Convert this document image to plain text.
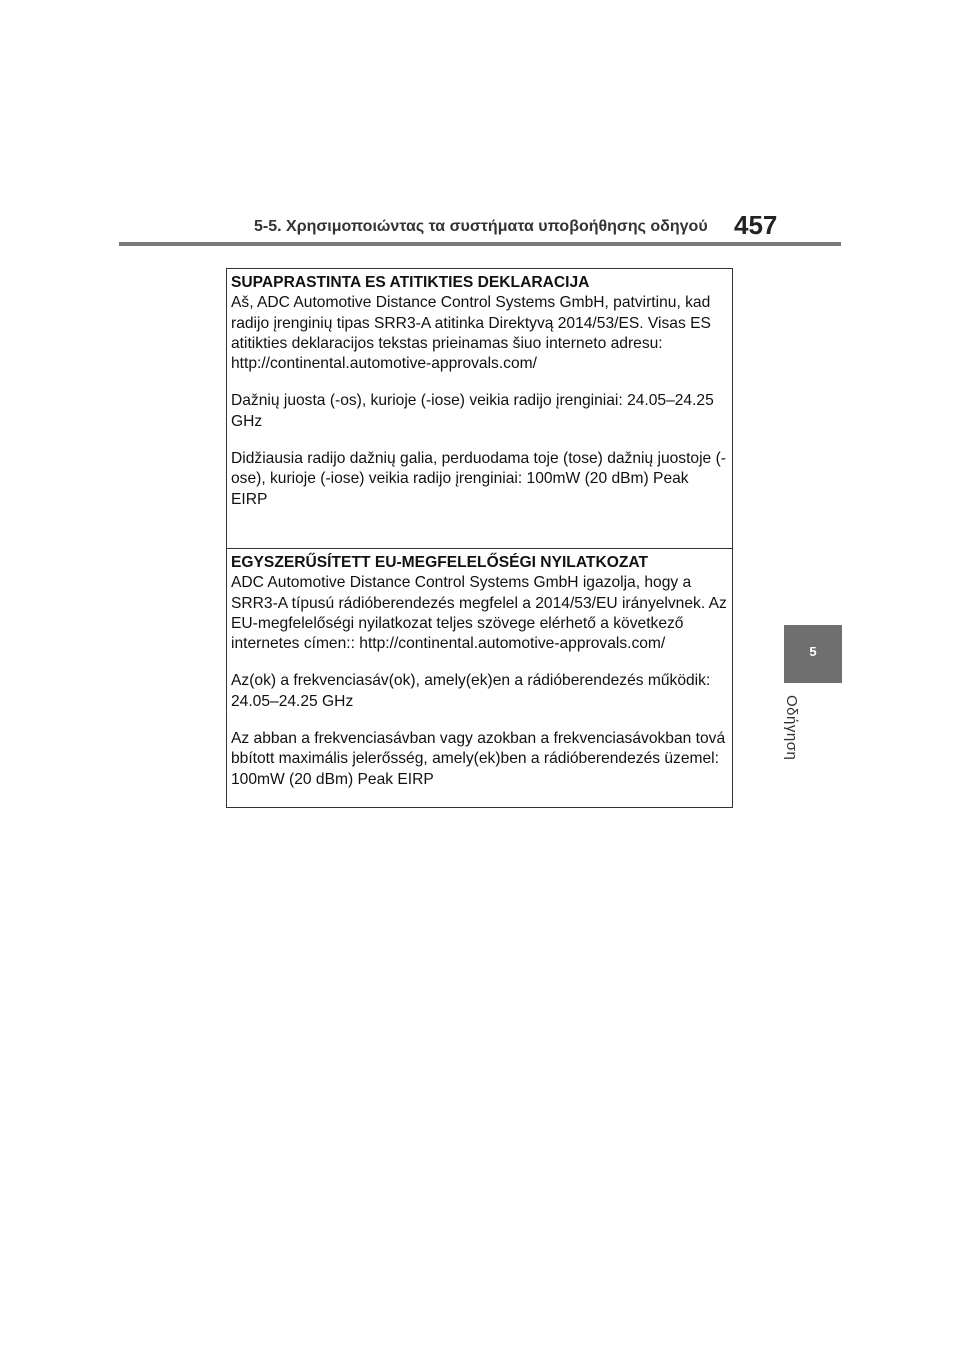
5-5. Χρησιμοποιώντας τα συστήματα υποβοήθησης οδηγού 457
5
Οδήγηση
SUPAPRASTINTA ES ATITIKTIES DEKLARACIJA

Aš, ADC Automotive Distance Control Systems GmbH, patvirtinu, kad radijo įrenginių tipas SRR3-A atitinka Direktyvą 2014/53/ES. Visas ES atitikties deklaracijos tekstas prieinamas šiuo interneto adresu: http://continental.automotive-approvals.com/

Dažnių juosta (-os), kurioje (-iose) veikia radijo įrenginiai: 24.05–24.25 GHz

Didžiausia radijo dažnių galia, perduodama toje (tose) dažnių juostoje (-ose), kurioje (-iose) veikia radijo įrenginiai: 100mW (20 dBm) Peak EIRP

EGYSZERŰSÍTETT EU-MEGFELELŐSÉGI NYILATKOZAT

ADC Automotive Distance Control Systems GmbH igazolja, hogy a SRR3-A típusú rádióberendezés megfelel a 2014/53/EU irányelvnek. Az EU-megfelelőségi nyilatkozat teljes szövege elérhető a következő internetes címen:: http://continental.automotive-approvals.com/

Az(ok) a frekvenciasáv(ok), amely(ek)en a rádióberendezés működik: 24.05–24.25 GHz

Az abban a frekvenciasávban vagy azokban a frekvenciasávokban tová bbított maximális jelerősség, amely(ek)ben a rádióberendezés üzemel: 100mW (20 dBm) Peak EIRP
